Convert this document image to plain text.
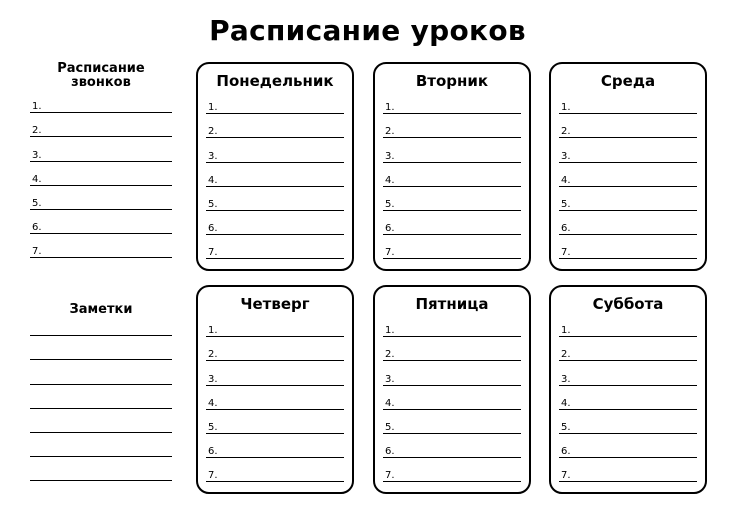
Расписание уроков
Расписание
звонков
1.
2.
3.
4.
5.
6.
7.
Заметки
Понедельник
1.
2.
3.
4.
5.
6.
7.
Вторник
1.
2.
3.
4.
5.
6.
7.
Среда
1.
2.
3.
4.
5.
6.
7.
Четверг
1.
2.
3.
4.
5.
6.
7.
Пятница
1.
2.
3.
4.
5.
6.
7.
Суббота
1.
2.
3.
4.
5.
6.
7.
